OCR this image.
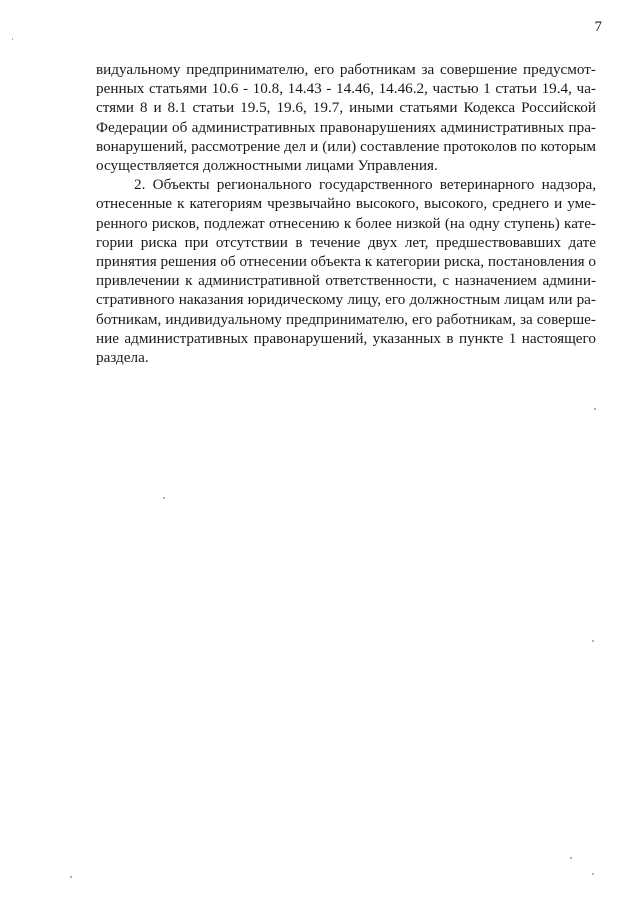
7
видуальному предпринимателю, его работникам за совершение предусмот-
ренных статьями 10.6 - 10.8, 14.43 - 14.46, 14.46.2, частью 1 статьи 19.4, ча-
стями 8 и 8.1 статьи 19.5, 19.6, 19.7, иными статьями Кодекса Российской
Федерации об административных правонарушениях административных пра-
вонарушений, рассмотрение дел и (или) составление протоколов по которым
осуществляется должностными лицами Управления.
2. Объекты регионального государственного ветеринарного надзора,
отнесенные к категориям чрезвычайно высокого, высокого, среднего и уме-
ренного рисков, подлежат отнесению к более низкой (на одну ступень) кате-
гории риска при отсутствии в течение двух лет, предшествовавших дате
принятия решения об отнесении объекта к категории риска, постановления о
привлечении к административной ответственности, с назначением админи-
стративного наказания юридическому лицу, его должностным лицам или ра-
ботникам, индивидуальному предпринимателю, его работникам, за соверше-
ние административных правонарушений, указанных в пункте 1 настоящего
раздела.
